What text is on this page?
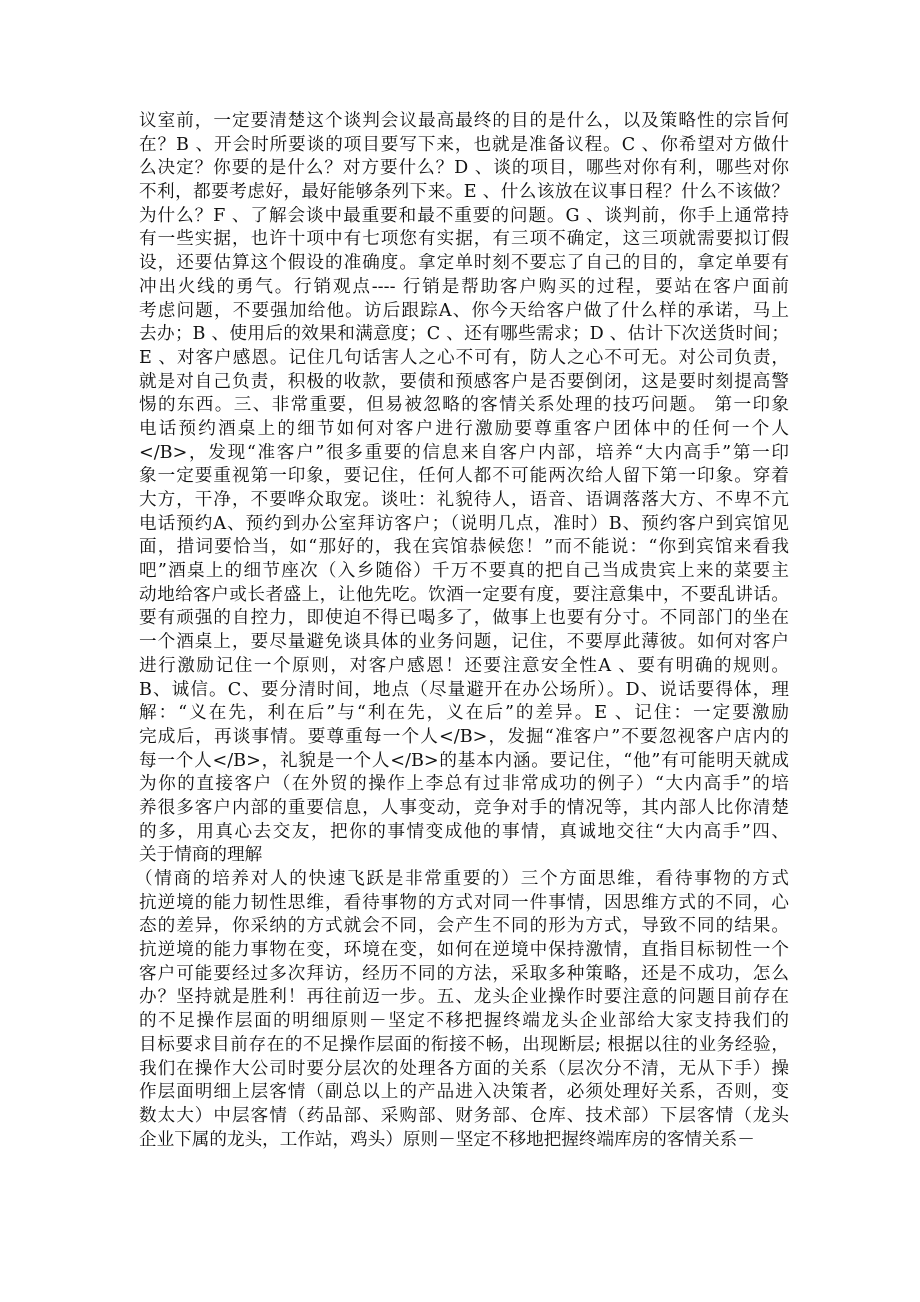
议室前，一定要清楚这个谈判会议最高最终的目的是什么，以及策略性的宗旨何
在？B 、开会时所要谈的项目要写下来，也就是准备议程。C 、你希望对方做什
么决定？你要的是什么？对方要什么？D 、谈的项目，哪些对你有利，哪些对你
不利，都要考虑好，最好能够条列下来。E 、什么该放在议事日程？什么不该做？
为什么？F 、了解会谈中最重要和最不重要的问题。G 、谈判前，你手上通常持
有一些实据，也许十项中有七项您有实据，有三项不确定，这三项就需要拟订假
设，还要估算这个假设的准确度。拿定单时刻不要忘了自己的目的，拿定单要有
冲出火线的勇气。行销观点---- 行销是帮助客户购买的过程，要站在客户面前
考虑问题，不要强加给他。访后跟踪A、你今天给客户做了什么样的承诺，马上
去办；B 、使用后的效果和满意度；C 、还有哪些需求；D 、估计下次送货时间；
E 、对客户感恩。记住几句话害人之心不可有，防人之心不可无。对公司负责，
就是对自己负责，积极的收款，要债和预感客户是否要倒闭，这是要时刻提高警
惕的东西。三、非常重要，但易被忽略的客情关系处理的技巧问题。 第一印象
电话预约酒桌上的细节如何对客户进行激励要尊重客户团体中的任何一个人
</B>，发现“准客户”很多重要的信息来自客户内部，培养“大内高手”第一印
象一定要重视第一印象，要记住，任何人都不可能两次给人留下第一印象。穿着
大方，干净，不要哗众取宠。谈吐：礼貌待人，语音、语调落落大方、不卑不亢
电话预约A、预约到办公室拜访客户；（说明几点，准时）B、预约客户到宾馆见
面，措词要恰当，如“那好的，我在宾馆恭候您！”而不能说：“你到宾馆来看我
吧”酒桌上的细节座次（入乡随俗）千万不要真的把自己当成贵宾上来的菜要主
动地给客户或长者盛上，让他先吃。饮酒一定要有度，要注意集中，不要乱讲话。
要有顽强的自控力，即使迫不得已喝多了，做事上也要有分寸。不同部门的坐在
一个酒桌上，要尽量避免谈具体的业务问题，记住，不要厚此薄彼。如何对客户
进行激励记住一个原则，对客户感恩！还要注意安全性A 、要有明确的规则。
B、诚信。C、要分清时间，地点（尽量避开在办公场所）。D、说话要得体，理
解：“义在先，利在后”与“利在先，义在后”的差异。E 、记住：一定要激励
完成后，再谈事情。要尊重每一个人</B>，发掘“准客户”不要忽视客户店内的
每一个人</B>，礼貌是一个人</B>的基本内涵。要记住，“他”有可能明天就成
为你的直接客户（在外贸的操作上李总有过非常成功的例子）“大内高手”的培
养很多客户内部的重要信息，人事变动，竞争对手的情况等，其内部人比你清楚
的多，用真心去交友，把你的事情变成他的事情，真诚地交往“大内高手”四、
关于情商的理解
（情商的培养对人的快速飞跃是非常重要的）三个方面思维，看待事物的方式
抗逆境的能力韧性思维，看待事物的方式对同一件事情，因思维方式的不同，心
态的差异，你采纳的方式就会不同，会产生不同的形为方式，导致不同的结果。
抗逆境的能力事物在变，环境在变，如何在逆境中保持激情，直指目标韧性一个
客户可能要经过多次拜访，经历不同的方法，采取多种策略，还是不成功，怎么
办？坚持就是胜利！再往前迈一步。五、龙头企业操作时要注意的问题目前存在
的不足操作层面的明细原则－坚定不移把握终端龙头企业部给大家支持我们的
目标要求目前存在的不足操作层面的衔接不畅，出现断层; 根据以往的业务经验，
我们在操作大公司时要分层次的处理各方面的关系（层次分不清，无从下手）操
作层面明细上层客情（副总以上的产品进入决策者，必须处理好关系，否则，变
数太大）中层客情（药品部、采购部、财务部、仓库、技术部）下层客情（龙头
企业下属的龙头，工作站，鸡头）原则－坚定不移地把握终端库房的客情关系－
